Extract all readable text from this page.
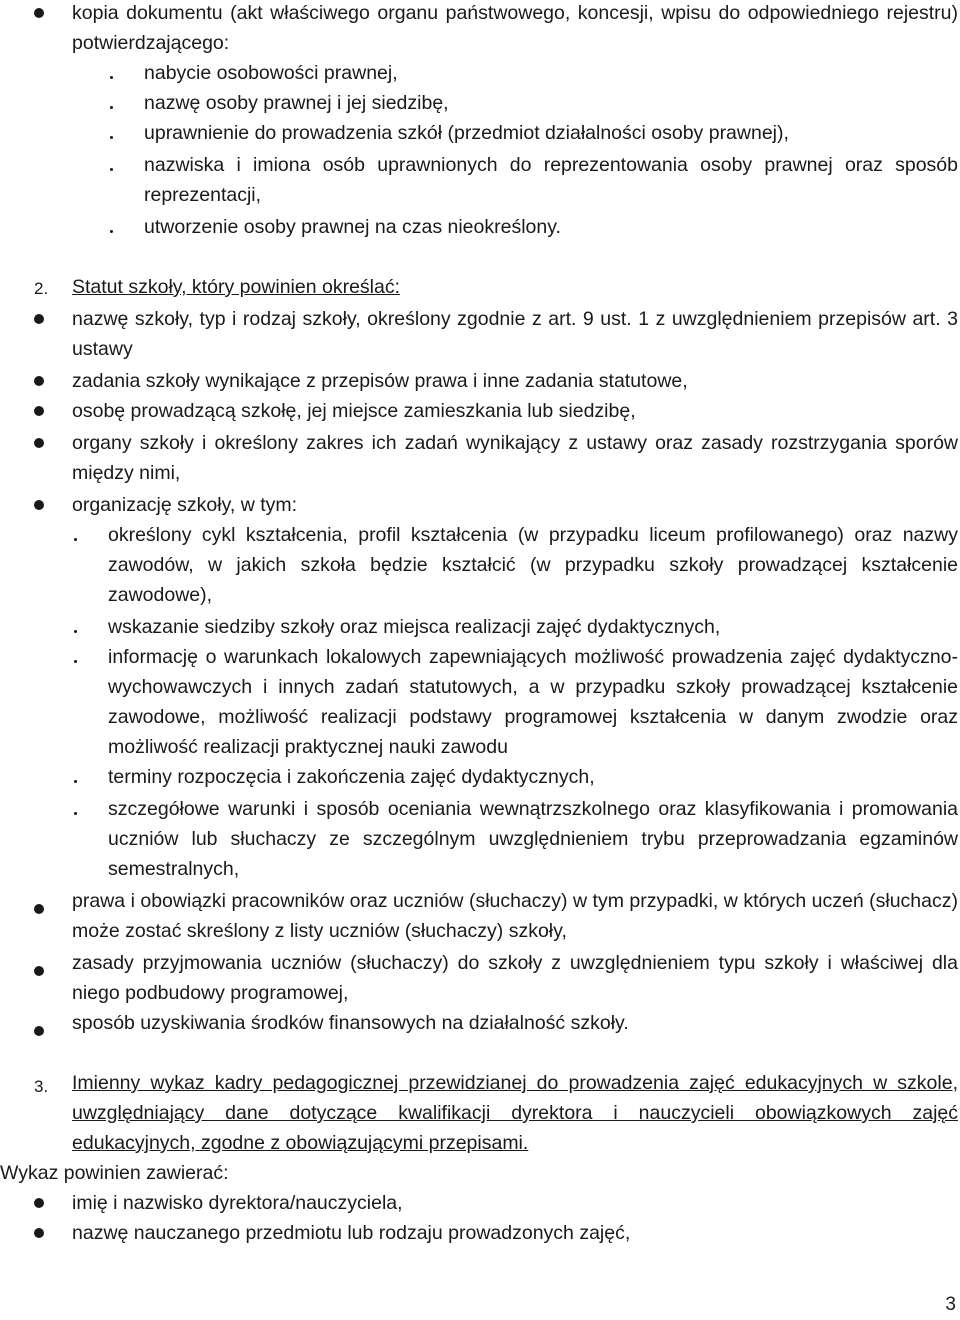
kopia dokumentu (akt właściwego organu państwowego, koncesji, wpisu do odpowiedniego rejestru) potwierdzającego:

nabycie osobowości prawnej,

nazwę osoby prawnej i jej siedzibę,

uprawnienie do prowadzenia szkół (przedmiot działalności osoby prawnej),

nazwiska i imiona osób uprawnionych do reprezentowania osoby prawnej oraz sposób reprezentacji,

utworzenie osoby prawnej na czas nieokreślony.

2. Statut szkoły, który powinien określać:

nazwę szkoły, typ i rodzaj szkoły, określony zgodnie z art. 9 ust. 1 z uwzględnieniem przepisów art. 3 ustawy

zadania szkoły wynikające z przepisów prawa i inne zadania statutowe,

osobę prowadzącą szkołę, jej miejsce zamieszkania lub siedzibę,

organy szkoły i określony zakres ich zadań wynikający z ustawy oraz zasady rozstrzygania sporów między nimi,

organizację szkoły, w tym:

określony cykl kształcenia, profil kształcenia (w przypadku liceum profilowanego) oraz nazwy zawodów, w jakich szkoła będzie kształcić (w przypadku szkoły prowadzącej kształcenie zawodowe),

wskazanie siedziby szkoły oraz miejsca realizacji zajęć dydaktycznych,

informację o warunkach lokalowych zapewniających możliwość prowadzenia zajęć dydaktyczno-wychowawczych i innych zadań statutowych, a w przypadku szkoły prowadzącej kształcenie zawodowe, możliwość realizacji podstawy programowej kształcenia w danym zwodzie oraz możliwość realizacji praktycznej nauki zawodu

terminy rozpoczęcia i zakończenia zajęć dydaktycznych,

szczegółowe warunki i sposób oceniania wewnątrzszkolnego oraz klasyfikowania i promowania uczniów lub słuchaczy ze szczególnym uwzględnieniem trybu przeprowadzania egzaminów semestralnych,

prawa i obowiązki pracowników oraz uczniów (słuchaczy) w tym przypadki, w których uczeń (słuchacz) może zostać skreślony z listy uczniów (słuchaczy) szkoły,

zasady przyjmowania uczniów (słuchaczy) do szkoły z uwzględnieniem typu szkoły i właściwej dla niego podbudowy programowej,

sposób uzyskiwania środków finansowych na działalność szkoły.

3. Imienny wykaz kadry pedagogicznej przewidzianej do prowadzenia zajęć edukacyjnych w szkole, uwzględniający dane dotyczące kwalifikacji dyrektora i nauczycieli obowiązkowych zajęć edukacyjnych, zgodne z obowiązującymi przepisami.

Wykaz powinien zawierać:

imię i nazwisko dyrektora/nauczyciela,

nazwę nauczanego przedmiotu lub rodzaju prowadzonych zajęć,

3
